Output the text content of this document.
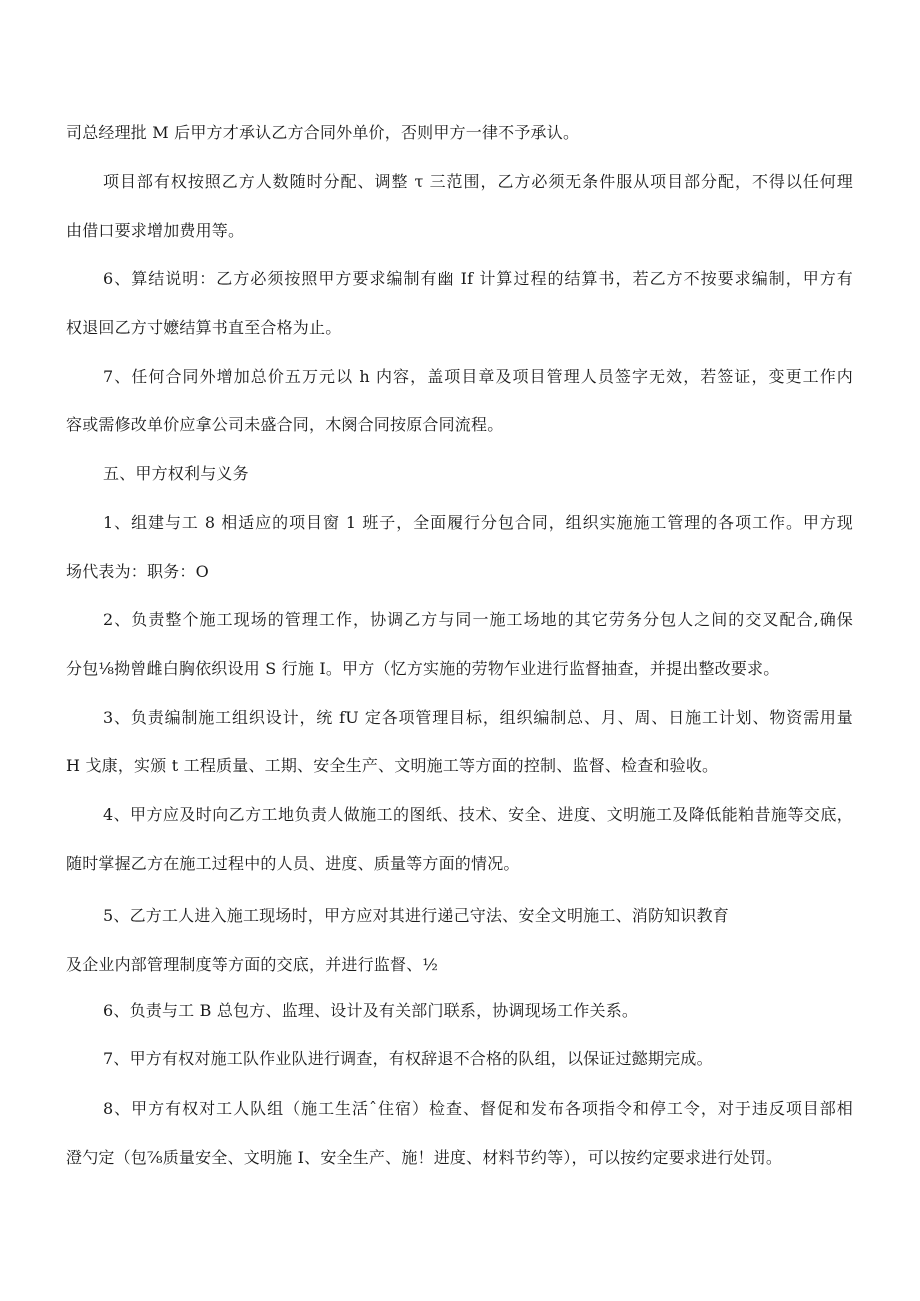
司总经理批 M 后甲方才承认乙方合同外单价，否则甲方一律不予承认。
项目部有权按照乙方人数随时分配、调整 τ 三范围，乙方必须无条件服从项目部分配，不得以任何理
由借口要求增加费用等。
6、算结说明：乙方必须按照甲方要求编制有幽 If 计算过程的结算书，若乙方不按要求编制，甲方有
权退回乙方寸嬷结算书直至合格为止。
7、任何合同外增加总价五万元以 h 内容，盖项目章及项目管理人员签字无效，若签证，变更工作内
容或需修改单价应拿公司未盛合同，木阕合同按原合同流程。
五、甲方权利与义务
1、组建与工 8 相适应的项目窗 1 班子，全面履行分包合同，组织实施施工管理的各项工作。甲方现
场代表为：职务：O
2、负责整个施工现场的管理工作，协调乙方与同一施工场地的其它劳务分包人之间的交叉配合,确保
分包⅛拗曾雌白胸依织设用 S 行施 I。甲方（忆方实施的劳物乍业进行监督抽查，并提出整改要求。
3、负责编制施工组织设计，统 fU 定各项管理目标，组织编制总、月、周、日施工计划、物资需用量
H 戈康，实颁 t 工程质量、工期、安全生产、文明施工等方面的控制、监督、检查和验收。
4、甲方应及时向乙方工地负责人做施工的图纸、技术、安全、进度、文明施工及降低能粕昔施等交底，
随时掌握乙方在施工过程中的人员、进度、质量等方面的情况。
5、乙方工人进入施工现场时，甲方应对其进行递己守法、安全文明施工、消防知识教育
及企业内部管理制度等方面的交底，并进行监督、½
6、负责与工 B 总包方、监理、设计及有关部门联系，协调现场工作关系。
7、甲方有权对施工队作业队进行调查，有权辞退不合格的队组，以保证过懿期完成。
8、甲方有权对工人队组（施工生活ˆ住宿）检查、督促和发布各项指令和停工令，对于违反项目部相
澄勺定（包⅞质量安全、文明施 I、安全生产、施！进度、材料节约等），可以按约定要求进行处罚。
